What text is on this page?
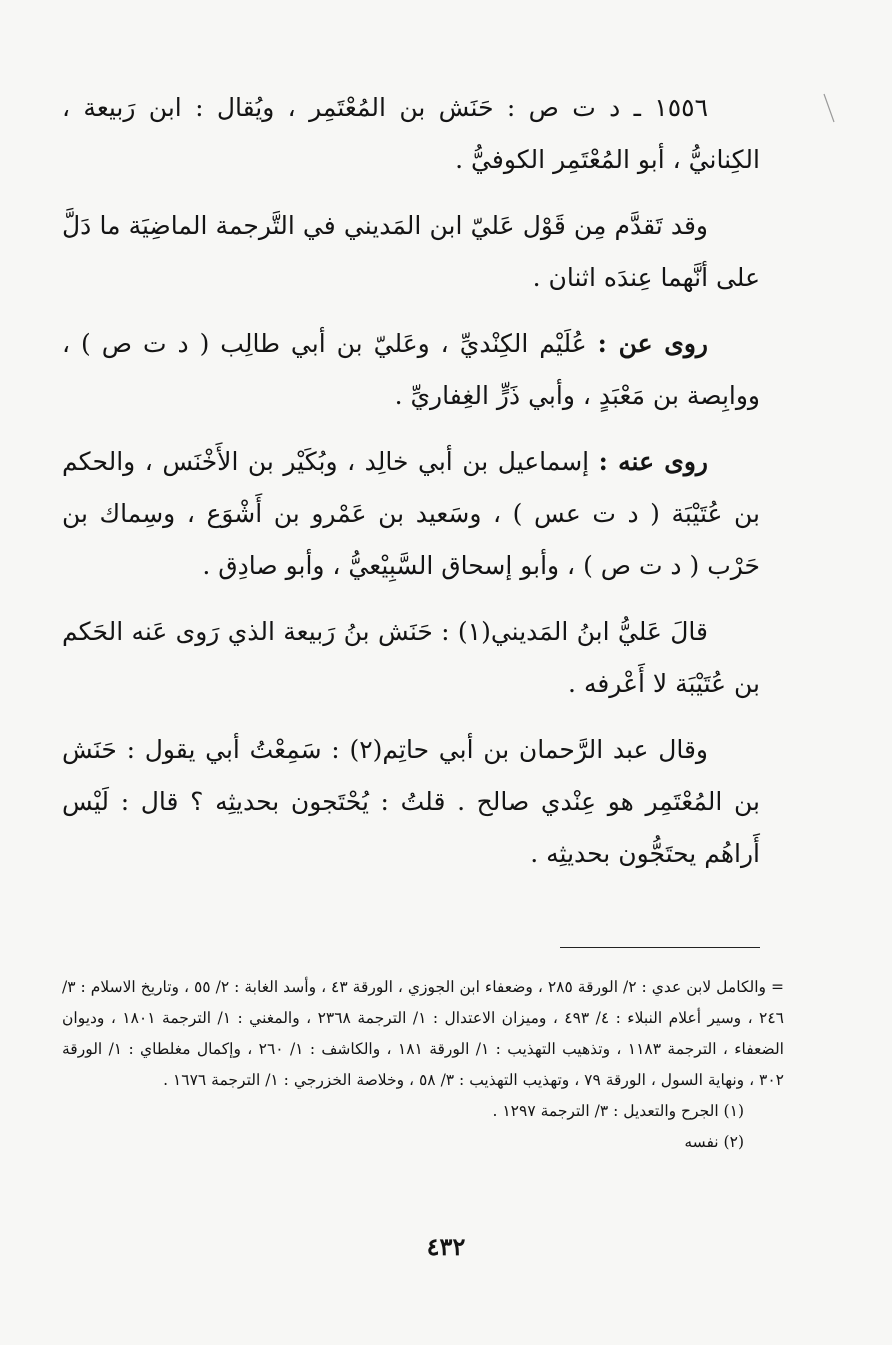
١٥٥٦ ـ د ت ص : حَنَش بن المُعْتَمِر ، ويُقال : ابن رَبيعة ، الكِنانيُّ ، أبو المُعْتَمِر الكوفيُّ .

وقد تَقدَّم مِن قَوْل عَليّ ابن المَديني في التَّرجمة الماضِيَة ما دَلَّ على أنَّهما عِندَه اثنان .

روى عن : عُلَيْم الكِنْديِّ ، وعَليّ بن أبي طالِب ( د ت ص ) ، ووابِصة بن مَعْبَدٍ ، وأبي ذَرٍّ الغِفاريِّ .

روى عنه : إسماعيل بن أبي خالِد ، وبُكَيْر بن الأَخْنَس ، والحكم بن عُتَيْبَة ( د ت عس ) ، وسَعيد بن عَمْرو بن أَشْوَع ، وسِماك بن حَرْب ( د ت ص ) ، وأبو إسحاق السَّبِيْعيُّ ، وأبو صادِق .

قالَ عَليُّ ابنُ المَديني(١) : حَنَش بنُ رَبيعة الذي رَوى عَنه الحَكم بن عُتَيْبَة لا أَعْرفه .

وقال عبد الرَّحمان بن أبي حاتِم(٢) : سَمِعْتُ أبي يقول : حَنَش بن المُعْتَمِر هو عِنْدي صالح . قلتُ : يُحْتَجون بحديثِه ؟ قال : لَيْس أَراهُم يحتَجُّون بحديثِه .

= والكامل لابن عدي : ٢/ الورقة ٢٨٥ ، وضعفاء ابن الجوزي ، الورقة ٤٣ ، وأسد الغابة : ٢/ ٥٥ ، وتاريخ الاسلام : ٣/ ٢٤٦ ، وسير أعلام النبلاء : ٤/ ٤٩٣ ، وميزان الاعتدال : ١/ الترجمة ٢٣٦٨ ، والمغني : ١/ الترجمة ١٨٠١ ، وديوان الضعفاء ، الترجمة ١١٨٣ ، وتذهيب التهذيب : ١/ الورقة ١٨١ ، والكاشف : ١/ ٢٦٠ ، وإكمال مغلطاي : ١/ الورقة ٣٠٢ ، ونهاية السول ، الورقة ٧٩ ، وتهذيب التهذيب : ٣/ ٥٨ ، وخلاصة الخزرجي : ١/ الترجمة ١٦٧٦ .

(١) الجرح والتعديل : ٣/ الترجمة ١٢٩٧ .

(٢) نفسه

٤٣٢
